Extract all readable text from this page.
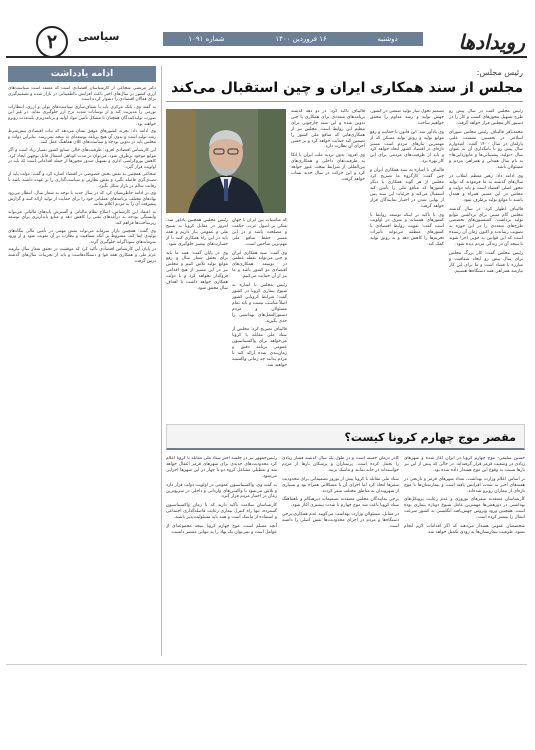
رویدادها
دوشنبه
۱۶ فروردین ۱۴۰۰
شماره ۱۰۹۱
سیاسی
۲
ادامه یادداشت

دکتر مرتضی شجاعی از کارشناسان اقتصادی است که معتقد است سیاست‌های ارزی کشور در سال‌های اخیر باعث افزایش نااطمینانی در بازار شده و تصمیم‌گیری برای فعالان اقتصادی را دشوار کرده است.

به گفته وی، بانک مرکزی باید با شفاف‌سازی سیاست‌های پولی و ارزی، انتظارات تورمی را مدیریت کند و از نوسانات شدید نرخ ارز جلوگیری نماید. در غیر این صورت تولیدکنندگان همچنان با مشکل تأمین مواد اولیه و برنامه‌ریزی بلندمدت روبرو خواهند بود.

وی ادامه داد: تجربه کشورهای موفق نشان می‌دهد که ثبات اقتصادی پیش‌شرط رشد تولید است و بدون آن هیچ برنامه توسعه‌ای به نتیجه نمی‌رسد. بنابراین دولت و مجلس باید در تدوین بودجه و سیاست‌های کلان هماهنگ عمل کنند.

این کارشناس اقتصادی افزود: ظرفیت‌های خالی صنایع کشور بسیار زیاد است و اگر موانع موجود برطرف شود، می‌توان در مدت کوتاهی اشتغال قابل توجهی ایجاد کرد. کاهش بوروکراسی اداری و تسهیل صدور مجوزها از جمله اقداماتی است که باید در اولویت قرار گیرد.

شجاعی همچنین به نقش بخش خصوصی در اقتصاد اشاره کرد و گفت: دولت باید از تصدی‌گری فاصله بگیرد و نقش نظارتی و سیاست‌گذاری را بر عهده داشته باشد تا رقابت سالم در بازار شکل بگیرد.

وی در ادامه خاطرنشان کرد که در سال جدید با توجه به شعار سال، انتظار می‌رود نهادهای مختلف برنامه‌های عملیاتی خود را برای حمایت از تولید ارائه کنند و گزارش پیشرفت آن را به مردم اعلام نمایند.

به اعتقاد این کارشناس، اصلاح نظام مالیاتی و گسترش پایه‌های مالیاتی می‌تواند وابستگی بودجه به درآمدهای نفتی را کاهش دهد و منابع پایدارتری برای توسعه زیرساخت‌ها فراهم کند.

وی گفت: همچنین بازار سرمایه می‌تواند نقش مهمی در تأمین مالی بنگاه‌های تولیدی ایفا کند، مشروط بر آنکه شفافیت و نظارت بر آن تقویت شود و از ورود سرمایه‌های سوداگرانه جلوگیری گردد.

در پایان این کارشناس اقتصادی تأکید کرد که موفقیت در تحقق شعار سال نیازمند عزم ملی و همکاری همه قوا و دستگاه‌هاست و باید از تجربیات سال‌های گذشته درس گرفت.

رئیس مجلس:
مجلس از سند همکاری ایران و چین استقبال می‌کند

رئیس مجلس گفت در سال پیش رو طرح تسهیل مجوزهای کسب و کار را در دستور کار مجلس قرار خواهد گرفت.

محمدباقر قالیباف رئیس مجلس شورای اسلامی در نخستین نشست علنی پارلمان در سال ۱۴۰۰ گفت: امیدوارم سال پیش رو با نامگذاری آن به عنوان سال «تولید، پشتیبانی‌ها و مانع‌زدایی‌ها» به نام سال همدلی و همراهی مردم و مسئولان باشد.

وی ادامه داد: رهبر معظم انقلاب در سال‌های گذشته به ما فرمودند که تولید محور اصلی اقتصاد است و باید دولت و مجلس در این مسیر همراه و همدل باشند تا موانع تولید برطرف شود.

قالیباف اظهار کرد: در سال گذشته مجلس گام مثبتی برای برداشتن موانع تولید برداشت. کمیسیون‌های تخصصی طرح‌های متعددی را در این حوزه به تصویب رساندند و اکنون زمان آن رسیده است که این قوانین به خوبی اجرا شوند تا نتیجه آن در زندگی مردم دیده شود.

رئیس مجلس گفت: کار بزرگ مجلس برای سال پیش رو ایجاد شفافیت و مبارزه با فساد است و ما برای این کار نیازمند همراهی همه دستگاه‌ها هستیم.

تصمیم تحول ساز تولید صنعتی در کشور، جهش تولید و رشد مداوم را محقق خواهیم ساخت.

وی یادآور شد: این قانون با حمایت و رفع موانع تولید و رونق تولید مسکن که از مهمترین نیازهای مردم است مسیر تازه‌ای در اقتصاد کشور ایجاد خواهد کرد و باید از ظرفیت‌های مردمی برای این کار بهره برد.

قالیباف با اشاره به سند همکاری ایران و چین گفت: کارگروه ما تصریح کرد مجلس از هر گونه همکاری با دیگر کشورها که منافع ملی را تأمین کند استقبال می‌کند و جزئیات این سند پس از نهایی شدن در اختیار نمایندگان قرار خواهد گرفت.

وی با تأکید بر اینکه توسعه روابط با کشورهای همسایه و شرق در اولویت است گفت: تقویت روابط اقتصادی با کشورهای منطقه می‌تواند تأثیرات تحریم‌ها را کاهش دهد و به رونق تولید کمک کند.

قالیباف تأکید کرد: در دو دهه گذشته برنامه‌های متعددی برای همکاری با چین تدوین شده و این سند چارچوبی برای تنظیم این روابط است. مجلس نیز از همکاری‌هایی که منافع ملی کشور را تضمین کند حمایت خواهد کرد و بر حسن اجرای آن نظارت دارد.

وی افزود: بدون تردید ملت ایران با اتکا به ظرفیت‌های داخلی و همکاری‌های بین‌المللی از شرایط سخت عبور خواهد کرد و این حرکت در سال جدید شتاب خواهد گرفت.

که مناسبات بین ایران با جهان متکی بر اصول عزت، حکمت و مصلحت باشد و در این مسیر حفظ منافع ملی مهم‌ترین شاخص است.

وی گفت: سند همکاری ایران و چین می‌تواند نقطه عطفی در توسعه همکاری‌های اقتصادی دو کشور باشد و ما نیز از آن حمایت می‌کنیم.

رئیس مجلس با اشاره به شیوع بیماری کرونا در کشور گفت: شرایط کرونایی کشور اصلاً مناسب نیست و باید تمام مسئولان و مردم دستورالعمل‌های بهداشتی را جدی بگیرند.

قالیباف تصریح کرد: مجلس از ستاد ملی مقابله با کرونا می‌خواهد برای واکسیناسیون عمومی برنامه دقیق و زمان‌بندی شده ارائه کند تا مردم بدانند چه زمانی واکسینه خواهند شد.

رئیس مجلس همچنین یادآور شد: امروز در مقابل کرونا به بسیج ملی و عمومی نیاز داریم و همه باید در این راه همکاری کنند تا از خسارت‌های بیشتر جلوگیری شود.

وی در پایان گفت: همه ما باید برای تحقق شعار سال و رفع موانع تولید تلاش کنیم و مجلس نیز در این مسیر از هیچ اقدامی فروگذار نخواهد کرد و با دولت همکاری خواهد داشت تا اهداف سال محقق شود.

مقصر موج چهارم کرونا کیست؟

حسین سلیمی- موج چهارم کرونا در ایران آغاز شده و شهرهای زیادی در وضعیت قرمز قرار گرفته‌اند. در حالی که پیش از این نیز بارها نسبت به وقوع این موج هشدار داده شده بود.

بر اساس اعلام وزارت بهداشت، تعداد شهرهای قرمز و نارنجی در هفته‌های اخیر به شدت افزایش یافته است و بیمارستان‌ها با موج تازه‌ای از بیماران روبرو شده‌اند.

کارشناسان معتقدند سفرهای نوروزی و عدم رعایت پروتکل‌های بهداشتی در دورهمی‌ها مهمترین عامل شیوع دوباره بیماری بوده است. همچنین ورود ویروس جهش‌یافته انگلیسی به کشور سرعت انتقال را بیشتر کرده است.

متخصصان عفونی هشدار می‌دهند که اگر اقدامات لازم انجام نشود، ظرفیت بیمارستان‌ها به زودی تکمیل خواهد شد.

کادر درمان خسته است و در طول یک سال گذشته فشار زیادی را تحمل کرده است. پرستاران و پزشکان بارها از مردم خواسته‌اند در خانه بمانند و ماسک بزنند.

ستاد ملی مقابله با کرونا پیش از نوروز تصمیماتی برای محدودیت سفرها اتخاذ کرد اما اجرای آن با مشکلاتی همراه بود و بسیاری از شهروندان به مناطق مختلف سفر کردند.

برخی نمایندگان مجلس معتقدند تصمیمات دیرهنگام و ناهماهنگ ستاد کرونا باعث شد موج چهارم با شدت بیشتری آغاز شود.

در مقابل، مسئولان وزارت بهداشت می‌گویند عدم همکاری برخی دستگاه‌ها و مردم در اجرای محدودیت‌ها نقش اصلی را داشته است.

رئیس‌جمهور نیز در جلسه اخیر ستاد ملی مقابله با کرونا اعلام کرد محدودیت‌های جدیدی برای شهرهای قرمز اعمال خواهد شد و تعطیلی مشاغل گروه دو تا چهار در این شهرها اجرایی می‌شود.

به گفته وی، واکسیناسیون عمومی در اولویت دولت قرار دارد و تلاش می‌شود تا واکسن‌های وارداتی و داخلی در سریع‌ترین زمان در اختیار مردم قرار گیرد.

کارشناسان سلامت تأکید دارند که تا زمان واکسیناسیون گسترده، تنها راه کنترل بیماری رعایت فاصله‌گذاری اجتماعی و استفاده از ماسک است و همه باید مسئولیت‌پذیر باشند.

آنچه مسلم است، موج چهارم کرونا نتیجه مجموعه‌ای از عوامل است و نمی‌توان یک نهاد را به تنهایی مقصر دانست.
